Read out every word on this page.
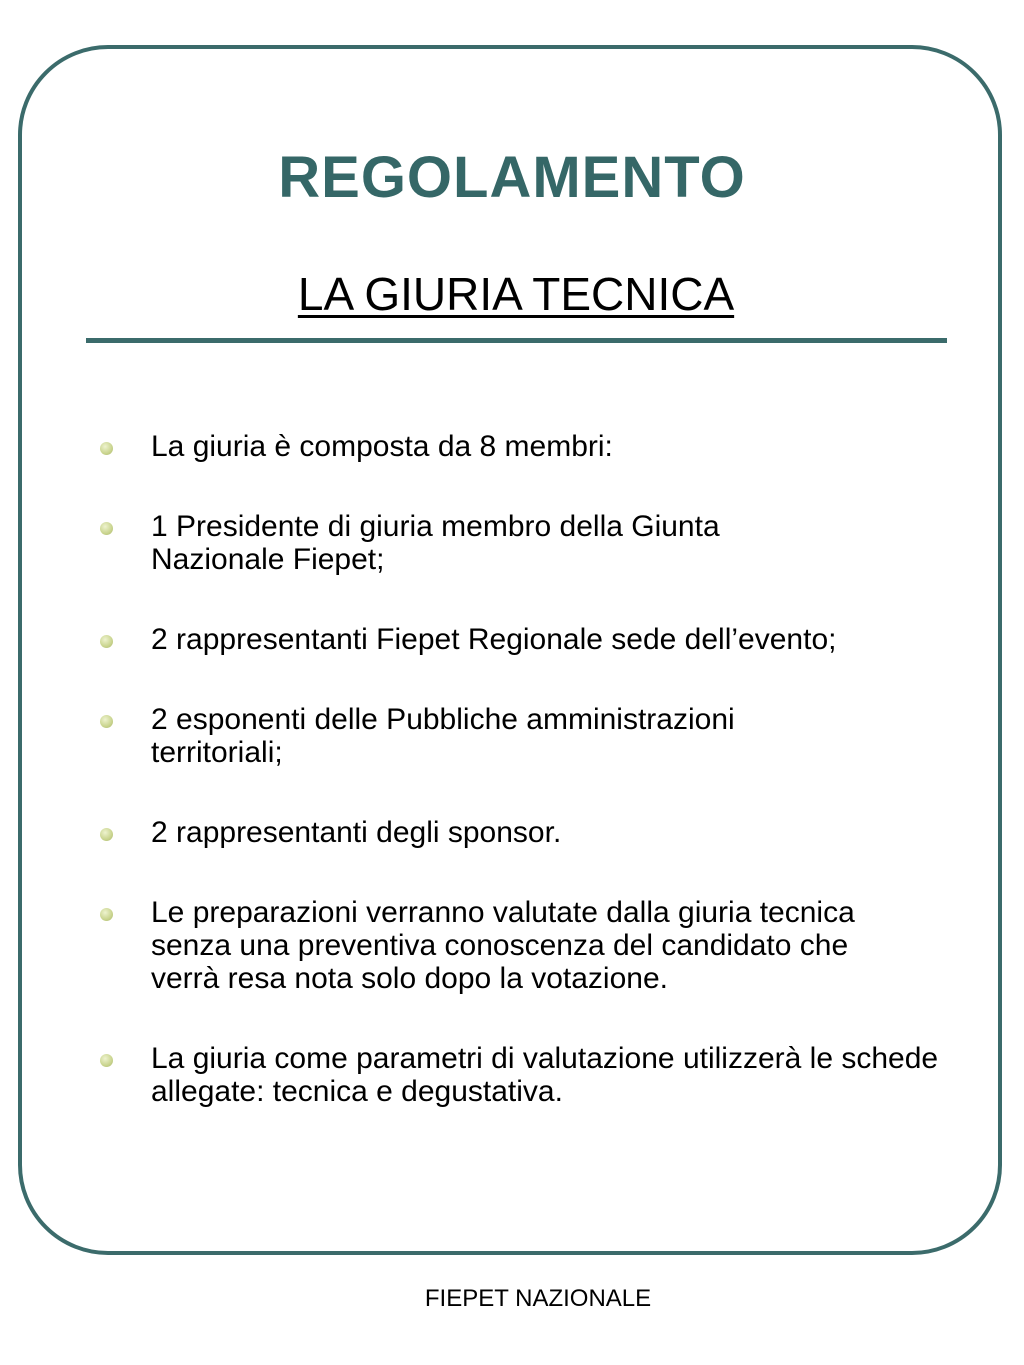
REGOLAMENTO
LA GIURIA TECNICA
La giuria è composta da 8 membri:
1 Presidente di giuria membro della Giunta Nazionale Fiepet;
2 rappresentanti Fiepet Regionale sede dell’evento;
2 esponenti delle Pubbliche amministrazioni territoriali;
2 rappresentanti degli sponsor.
Le preparazioni verranno valutate dalla giuria tecnica senza una preventiva conoscenza del candidato che verrà resa nota solo dopo la votazione.
La giuria come parametri di valutazione utilizzerà le schede allegate: tecnica e degustativa.
FIEPET NAZIONALE
